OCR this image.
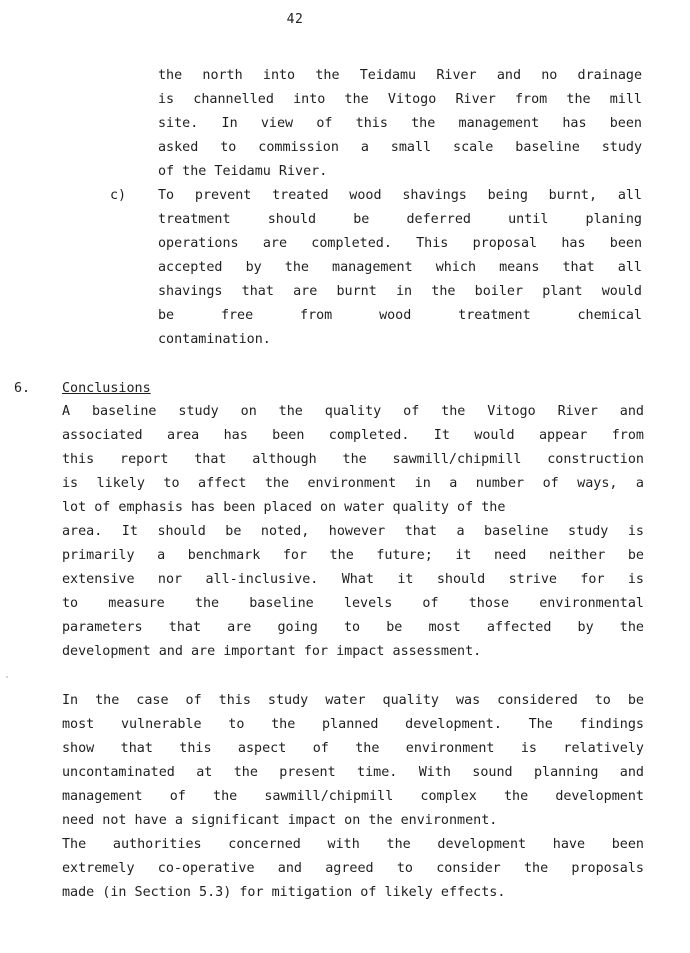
42
the north into the Teidamu River and no drainage
is channelled into the Vitogo River from the mill
site. In view of this the management has been
asked to commission a small scale baseline study
of the Teidamu River.
c) To prevent treated wood shavings being burnt, all
treatment should be deferred until planing
operations are completed. This proposal has been
accepted by the management which means that all
shavings that are burnt in the boiler plant would
be free from wood treatment chemical
contamination.
6. Conclusions
A baseline study on the quality of the Vitogo River and
associated area has been completed. It would appear from
this report that although the sawmill/chipmill construction
is likely to affect the environment in a number of ways, a
lot of emphasis has been placed on water quality of the
area. It should be noted, however that a baseline study is
primarily a benchmark for the future; it need neither be
extensive nor all-inclusive. What it should strive for is
to measure the baseline levels of those environmental
parameters that are going to be most affected by the
development and are important for impact assessment.
In the case of this study water quality was considered to be
most vulnerable to the planned development. The findings
show that this aspect of the environment is relatively
uncontaminated at the present time. With sound planning and
management of the sawmill/chipmill complex the development
need not have a significant impact on the environment.
The authorities concerned with the development have been
extremely co-operative and agreed to consider the proposals
made (in Section 5.3) for mitigation of likely effects.
